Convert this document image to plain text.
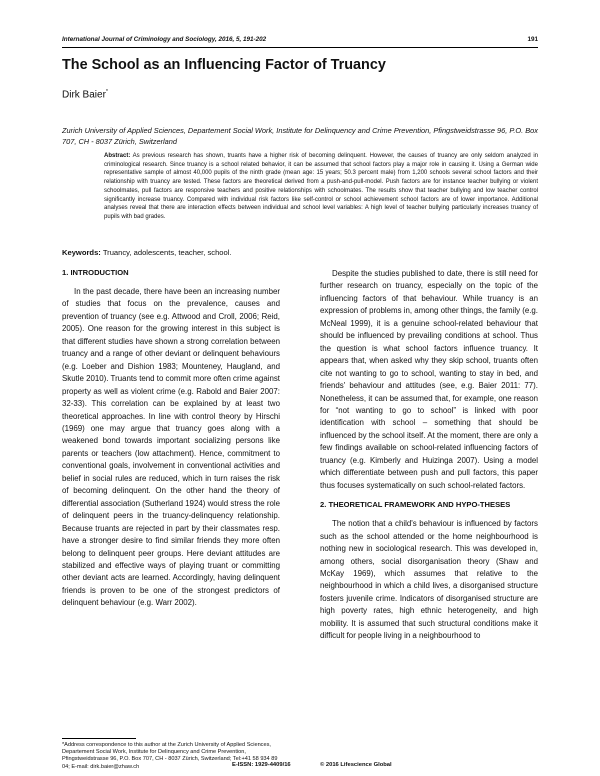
International Journal of Criminology and Sociology, 2016, 5, 191-202	191
The School as an Influencing Factor of Truancy
Dirk Baier*
Zurich University of Applied Sciences, Departement Social Work, Institute for Delinquency and Crime Prevention, Pfingstweidstrasse 96, P.O. Box 707, CH - 8037 Zürich, Switzerland
Abstract: As previous research has shown, truants have a higher risk of becoming delinquent. However, the causes of truancy are only seldom analyzed in criminological research. Since truancy is a school related behavior, it can be assumed that school factors play a major role in causing it. Using a German wide representative sample of almost 40,000 pupils of the ninth grade (mean age: 15 years; 50.3 percent male) from 1,200 schools several school factors and their relationship with truancy are tested. These factors are theoretical derived from a push-and-pull-model. Push factors are for instance teacher bullying or violent schoolmates, pull factors are responsive teachers and positive relationships with schoolmates. The results show that teacher bullying and low teacher control significantly increase truancy. Compared with individual risk factors like self-control or school achievement school factors are of lower importance. Additional analyses reveal that there are interaction effects between individual and school level variables: A high level of teacher bullying particularly increases truancy of pupils with bad grades.
Keywords: Truancy, adolescents, teacher, school.
1. INTRODUCTION

In the past decade, there have been an increasing number of studies that focus on the prevalence, causes and prevention of truancy (see e.g. Attwood and Croll, 2006; Reid, 2005). One reason for the growing interest in this subject is that different studies have shown a strong correlation between truancy and a range of other deviant or delinquent behaviours (e.g. Loeber and Dishion 1983; Mounteney, Haugland, and Skutle 2010). Truants tend to commit more often crime against property as well as violent crime (e.g. Rabold and Baier 2007: 32-33). This correlation can be explained by at least two theoretical approaches. In line with control theory by Hirschi (1969) one may argue that truancy goes along with a weakened bond towards important socializing persons like parents or teachers (low attachment). Hence, commitment to conventional goals, involvement in conventional activities and belief in social rules are reduced, which in turn raises the risk of becoming delinquent. On the other hand the theory of differential association (Sutherland 1924) would stress the role of delinquent peers in the truancy-delinquency relationship. Because truants are rejected in part by their classmates resp. have a stronger desire to find similar friends they more often belong to delinquent peer groups. Here deviant attitudes are stabilized and effective ways of playing truant or committing other deviant acts are learned. Accordingly, having delinquent friends is proven to be one of the strongest predictors of delinquent behaviour (e.g. Warr 2002).

Despite the studies published to date, there is still need for further research on truancy, especially on the topic of the influencing factors of that behaviour. While truancy is an expression of problems in, among other things, the family (e.g. McNeal 1999), it is a genuine school-related behaviour that should be influenced by prevailing conditions at school. Thus the question is what school factors influence truancy. It appears that, when asked why they skip school, truants often cite not wanting to go to school, wanting to stay in bed, and friends' behaviour and attitudes (see, e.g. Baier 2011: 77). Nonetheless, it can be assumed that, for example, one reason for “not wanting to go to school” is linked with poor identification with school – something that should be influenced by the school itself. At the moment, there are only a few findings available on school-related influencing factors of truancy (e.g. Kimberly and Huizinga 2007). Using a model which differentiate between push and pull factors, this paper thus focuses systematically on such school-related factors.

2. THEORETICAL FRAMEWORK AND HYPO-THESES

The notion that a child's behaviour is influenced by factors such as the school attended or the home neighbourhood is nothing new in sociological research. This was developed in, among others, social disorganisation theory (Shaw and McKay 1969), which assumes that relative to the neighbourhood in which a child lives, a disorganised structure fosters juvenile crime. Indicators of disorganised structure are high poverty rates, high ethnic heterogeneity, and high mobility. It is assumed that such structural conditions make it difficult for people living in a neighbourhood to

*Address correspondence to this author at the Zurich University of Applied Sciences, Departement Social Work, Institute for Delinquency and Crime Prevention, Pfingstweidstrasse 96, P.O. Box 707, CH - 8037 Zürich, Switzerland; Tel:+41 58 934 89 04; E-mail: dirk.baier@zhaw.ch	E-ISSN: 1929-4409/16	© 2016 Lifescience Global
